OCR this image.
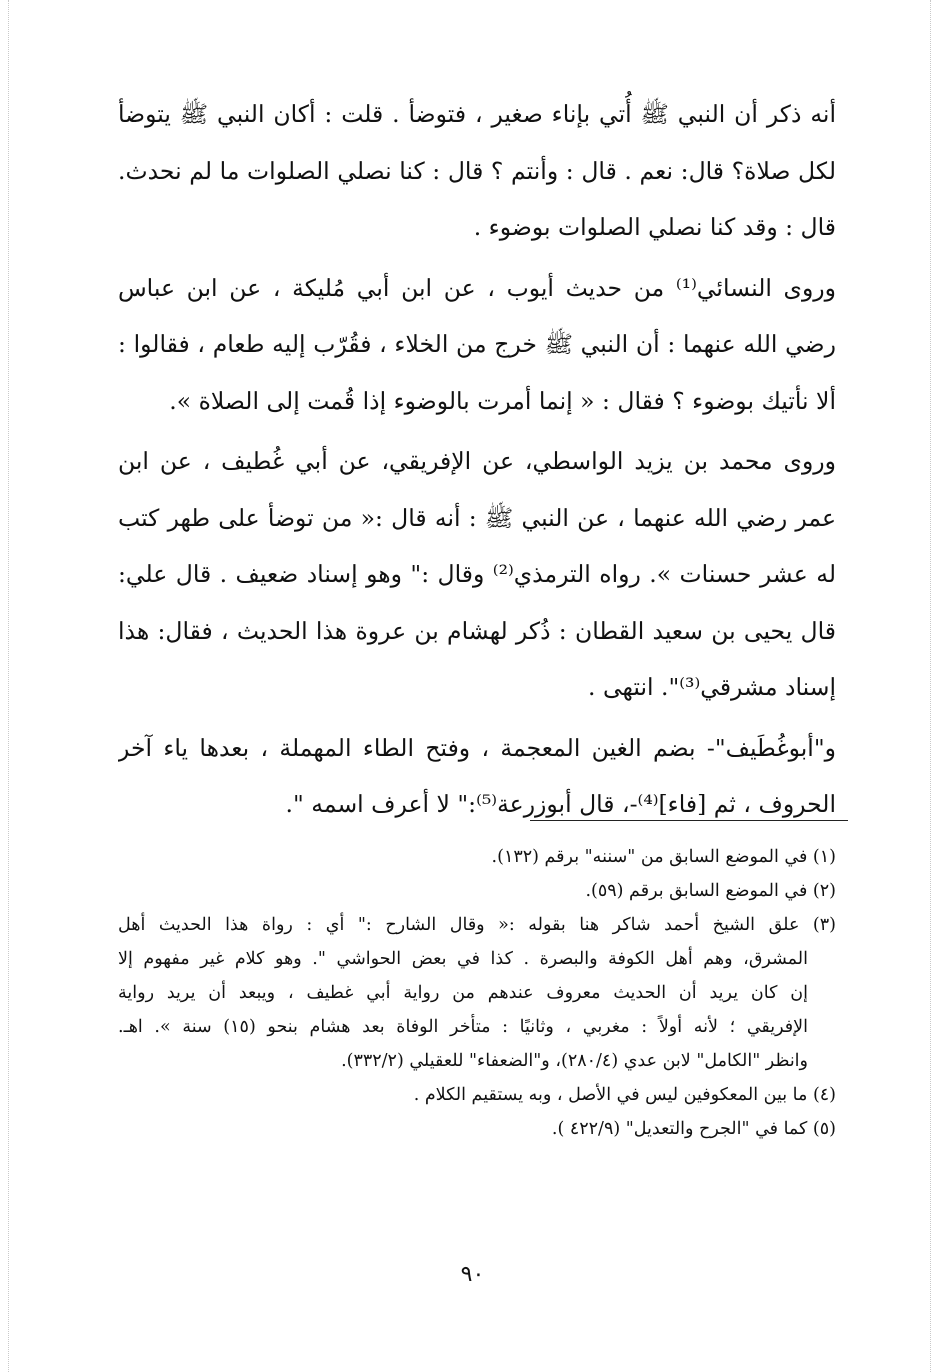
أنه ذكر أن النبي ﷺ أُتي بإناء صغير ، فتوضأ . قلت : أكان النبي ﷺ يتوضأ
لكل صلاة؟ قال: نعم . قال : وأنتم ؟ قال : كنا نصلي الصلوات ما لم نحدث.
قال : وقد كنا نصلي الصلوات بوضوء .
وروى النسائي⁽¹⁾ من حديث أيوب ، عن ابن أبي مُليكة ، عن ابن عباس
رضي الله عنهما : أن النبي ﷺ خرج من الخلاء ، فقُرّب إليه طعام ، فقالوا :
ألا نأتيك بوضوء ؟ فقال : « إنما أمرت بالوضوء إذا قُمت إلى الصلاة ».
وروى محمد بن يزيد الواسطي، عن الإفريقي، عن أبي غُطيف ، عن ابن
عمر رضي الله عنهما ، عن النبي ﷺ : أنه قال :« من توضأ على طهر كتب
له عشر حسنات ». رواه الترمذي⁽²⁾ وقال :" وهو إسناد ضعيف . قال علي:
قال يحيى بن سعيد القطان : ذُكر لهشام بن عروة هذا الحديث ، فقال: هذا
إسناد مشرقي⁽³⁾". انتهى .
و"أبوغُطَيف"- بضم الغين المعجمة ، وفتح الطاء المهملة ، بعدها ياء آخر
الحروف ، ثم [فاء]⁽⁴⁾-، قال أبوزرعة⁽⁵⁾:" لا أعرف اسمه ".
(١) في الموضع السابق من "سننه" برقم (١٣٢).
(٢) في الموضع السابق برقم (٥٩).
(٣) علق الشيخ أحمد شاكر هنا بقوله :« وقال الشارح :" أي : رواة هذا الحديث أهل
المشرق، وهم أهل الكوفة والبصرة . كذا في بعض الحواشي ". وهو كلام غير مفهوم إلا
إن كان يريد أن الحديث معروف عندهم من رواية أبي غطيف ، ويبعد أن يريد رواية
الإفريقي ؛ لأنه أولاً : مغربي ، وثانيًا : متأخر الوفاة بعد هشام بنحو (١٥) سنة ». اهـ.
وانظر "الكامل" لابن عدي (٢٨٠/٤)، و"الضعفاء" للعقيلي (٣٣٢/٢).
(٤) ما بين المعكوفين ليس في الأصل ، وبه يستقيم الكلام .
(٥) كما في "الجرح والتعديل" (٤٢٢/٩ ).
٩٠
